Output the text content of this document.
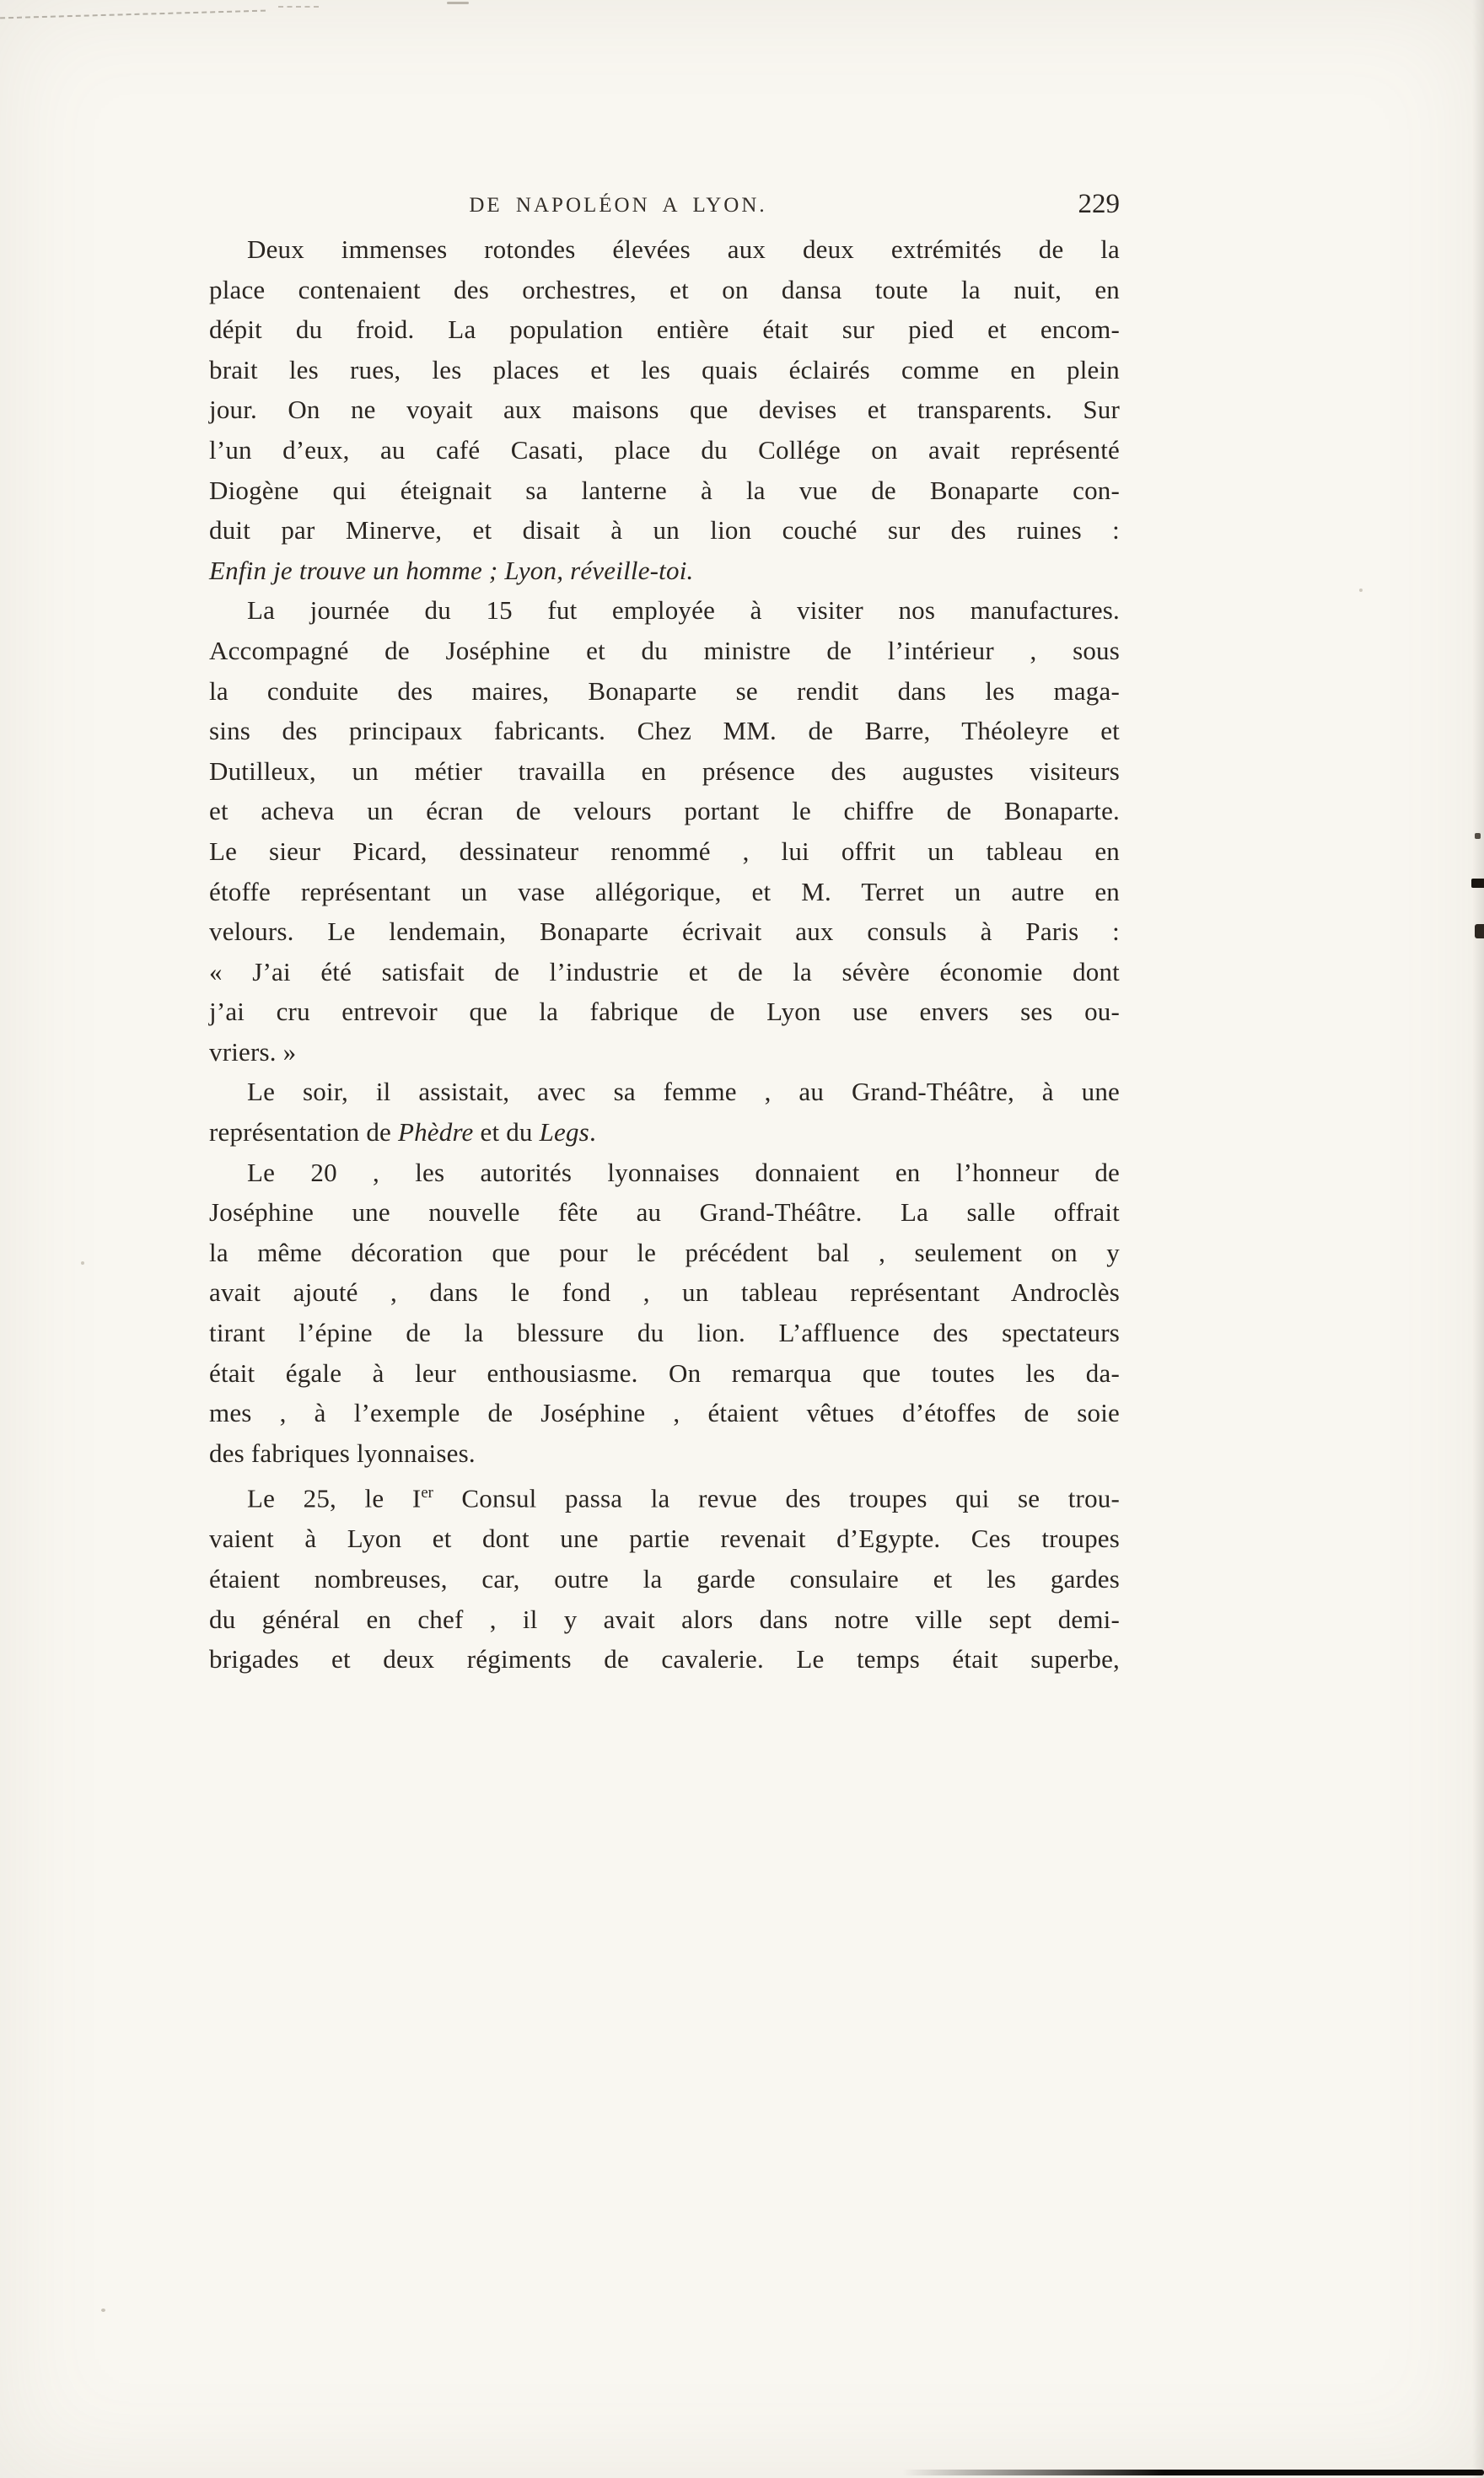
DE NAPOLÉON A LYON.	229
Deux immenses rotondes élevées aux deux extrémités de la
place contenaient des orchestres, et on dansa toute la nuit, en
dépit du froid. La population entière était sur pied et encom-
brait les rues, les places et les quais éclairés comme en plein
jour. On ne voyait aux maisons que devises et transparents. Sur
l’un d’eux, au café Casati, place du Collége on avait représenté
Diogène qui éteignait sa lanterne à la vue de Bonaparte con-
duit par Minerve, et disait à un lion couché sur des ruines :
Enfin je trouve un homme ; Lyon, réveille-toi.
La journée du 15 fut employée à visiter nos manufactures.
Accompagné de Joséphine et du ministre de l’intérieur , sous
la conduite des maires, Bonaparte se rendit dans les maga-
sins des principaux fabricants. Chez MM. de Barre, Théoleyre et
Dutilleux, un métier travailla en présence des augustes visiteurs
et acheva un écran de velours portant le chiffre de Bonaparte.
Le sieur Picard, dessinateur renommé , lui offrit un tableau en
étoffe représentant un vase allégorique, et M. Terret un autre en
velours. Le lendemain, Bonaparte écrivait aux consuls à Paris :
« J’ai été satisfait de l’industrie et de la sévère économie dont
j’ai cru entrevoir que la fabrique de Lyon use envers ses ou-
vriers. »
Le soir, il assistait, avec sa femme , au Grand-Théâtre, à une
représentation de Phèdre et du Legs.
Le 20 , les autorités lyonnaises donnaient en l’honneur de
Joséphine une nouvelle fête au Grand-Théâtre. La salle offrait
la même décoration que pour le précédent bal , seulement on y
avait ajouté , dans le fond , un tableau représentant Androclès
tirant l’épine de la blessure du lion. L’affluence des spectateurs
était égale à leur enthousiasme. On remarqua que toutes les da-
mes , à l’exemple de Joséphine , étaient vêtues d’étoffes de soie
des fabriques lyonnaises.
Le 25, le Ier Consul passa la revue des troupes qui se trou-
vaient à Lyon et dont une partie revenait d’Egypte. Ces troupes
étaient nombreuses, car, outre la garde consulaire et les gardes
du général en chef , il y avait alors dans notre ville sept demi-
brigades et deux régiments de cavalerie. Le temps était superbe,
